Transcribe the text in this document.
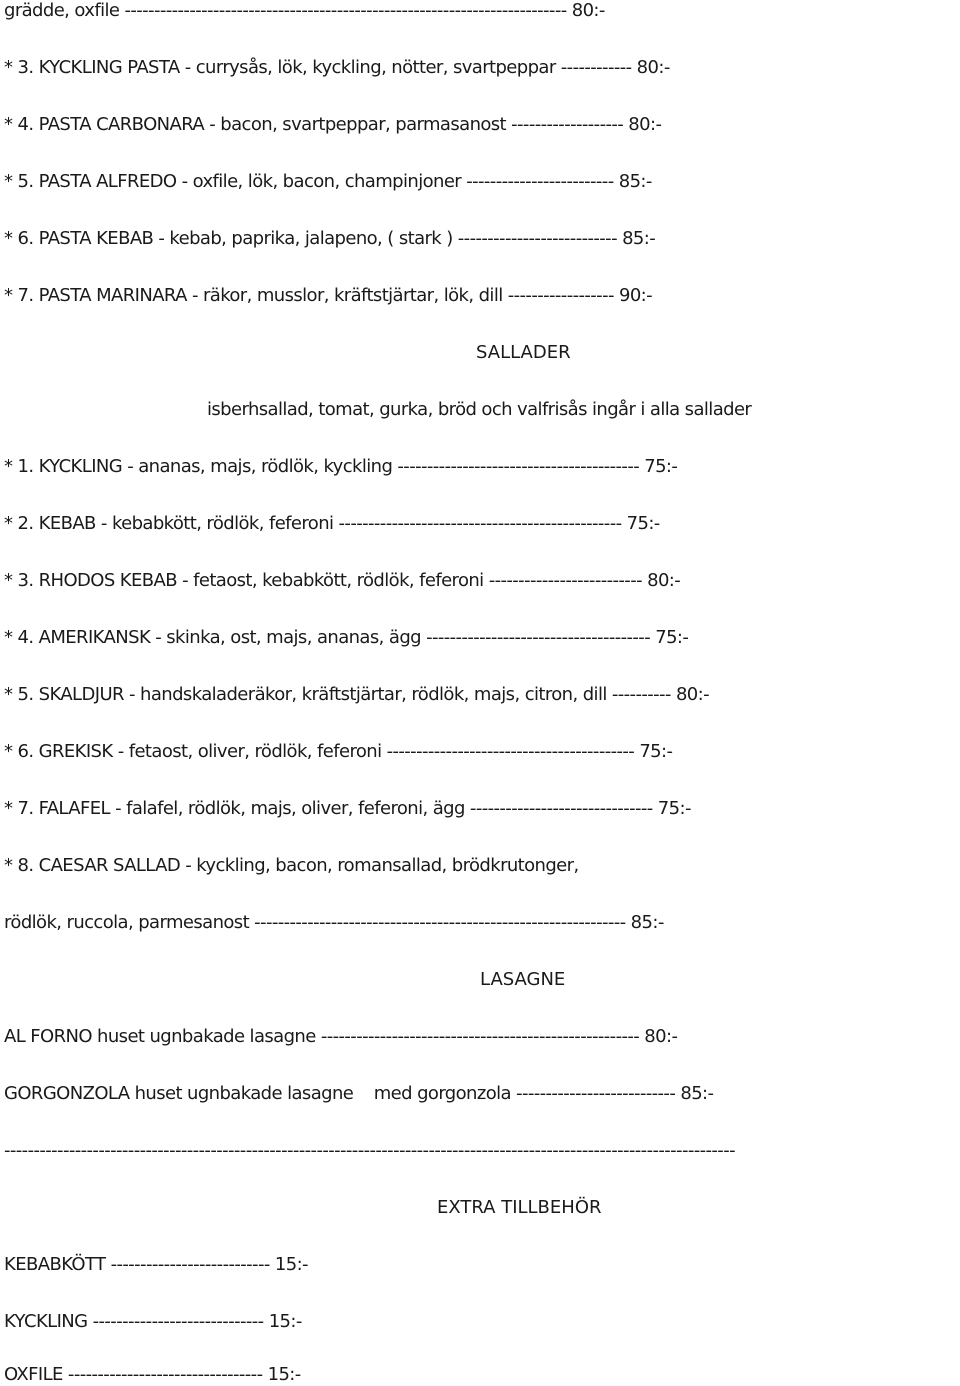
grädde, oxfile --------------------------------------------------------------------------- 80:-
* 3. KYCKLING PASTA - currysås, lök, kyckling, nötter, svartpeppar ------------ 80:-
* 4. PASTA CARBONARA - bacon, svartpeppar, parmasanost ------------------- 80:-
* 5. PASTA ALFREDO - oxfile, lök, bacon, champinjoner ------------------------- 85:-
* 6. PASTA KEBAB - kebab, paprika, jalapeno, ( stark ) --------------------------- 85:-
* 7. PASTA MARINARA - räkor, musslor, kräftstjärtar, lök, dill ------------------ 90:-
SALLADER
isberhsallad, tomat, gurka, bröd och valfrisås ingår i alla sallader
* 1. KYCKLING - ananas, majs, rödlök, kyckling ----------------------------------------- 75:-
* 2. KEBAB - kebabkött, rödlök, feferoni ------------------------------------------------ 75:-
* 3. RHODOS KEBAB - fetaost, kebabkött, rödlök, feferoni -------------------------- 80:-
* 4. AMERIKANSK - skinka, ost, majs, ananas, ägg -------------------------------------- 75:-
* 5. SKALDJUR - handskaladeräkor, kräftstjärtar, rödlök, majs, citron, dill ---------- 80:-
* 6. GREKISK - fetaost, oliver, rödlök, feferoni ------------------------------------------ 75:-
* 7. FALAFEL - falafel, rödlök, majs, oliver, feferoni, ägg ------------------------------- 75:-
* 8. CAESAR SALLAD - kyckling, bacon, romansallad, brödkrutonger,
rödlök, ruccola, parmesanost --------------------------------------------------------------- 85:-
LASAGNE
AL FORNO huset ugnbakade lasagne ------------------------------------------------------ 80:-
GORGONZOLA huset ugnbakade lasagne    med gorgonzola --------------------------- 85:-
----------------------------------------------------------------------------------------------------------------------------
EXTRA TILLBEHÖR
KEBABKÖTT --------------------------- 15:-
KYCKLING ----------------------------- 15:-
OXFILE --------------------------------- 15:-
